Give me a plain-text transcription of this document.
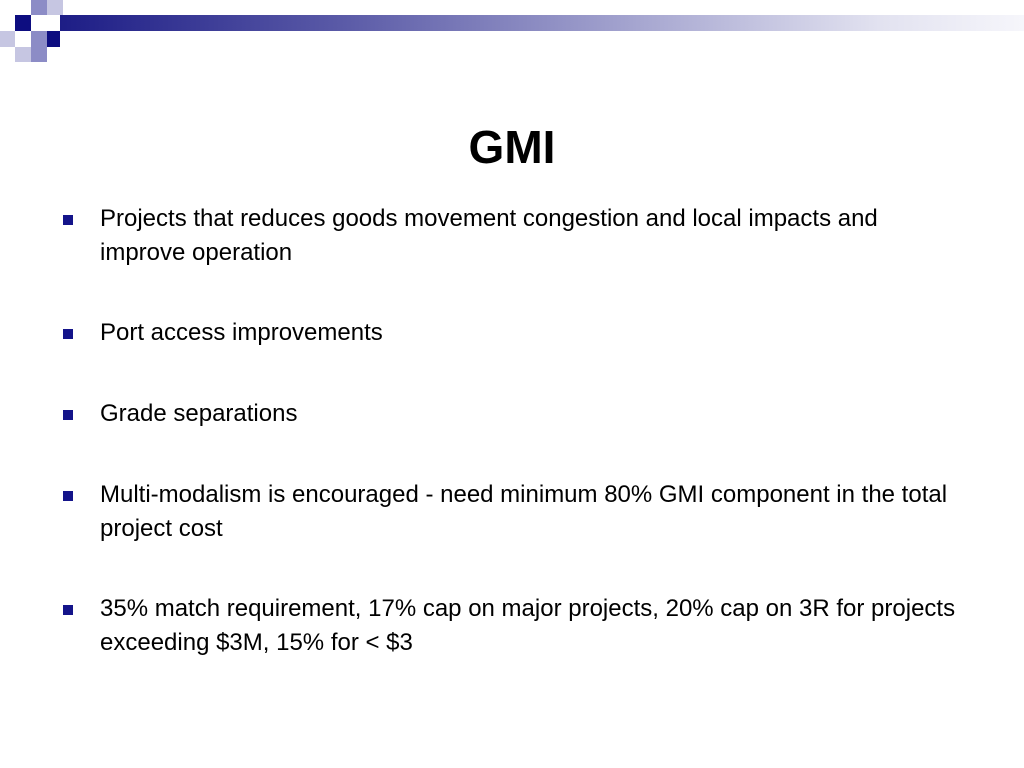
GMI
Projects that reduces goods movement congestion and local impacts and improve operation
Port access improvements
Grade separations
Multi-modalism is encouraged - need minimum 80% GMI component in the total project cost
35% match requirement, 17% cap on major projects, 20% cap on 3R for projects exceeding $3M, 15% for < $3
